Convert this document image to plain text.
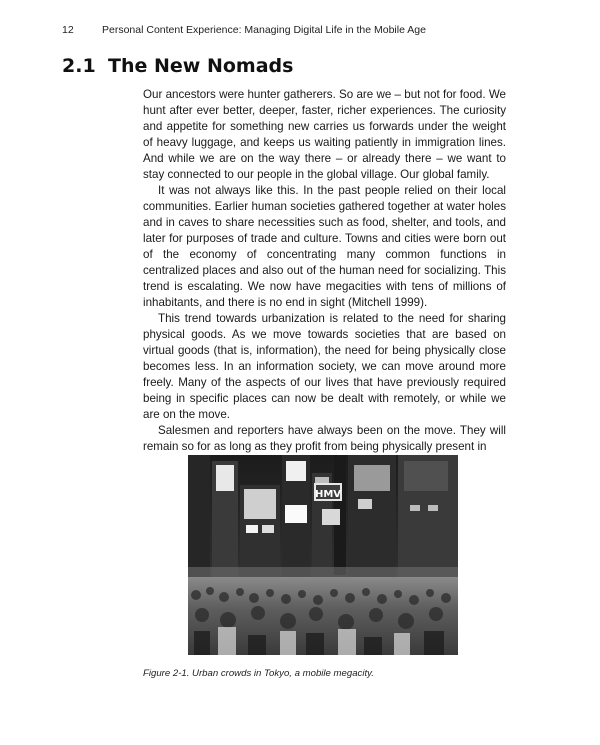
12	Personal Content Experience: Managing Digital Life in the Mobile Age
2.1 The New Nomads

Our ancestors were hunter gatherers. So are we – but not for food. We hunt after ever better, deeper, faster, richer experiences. The curiosity and appetite for something new carries us forwards under the weight of heavy luggage, and keeps us waiting patiently in immigration lines. And while we are on the way there – or already there – we want to stay connected to our people in the global village. Our global family.

It was not always like this. In the past people relied on their local communities. Earlier human societies gathered together at water holes and in caves to share necessities such as food, shelter, and tools, and later for purposes of trade and culture. Towns and cities were born out of the economy of concentrating many common functions in centralized places and also out of the human need for socializing. This trend is escalating. We now have megacities with tens of millions of inhabitants, and there is no end in sight (Mitchell 1999).

This trend towards urbanization is related to the need for sharing physical goods. As we move towards societies that are based on virtual goods (that is, information), the need for being physically close becomes less. In an information society, we can move around more freely. Many of the aspects of our lives that have previously required being in specific places can now be dealt with remotely, or while we are on the move.

Salesmen and reporters have always been on the move. They will remain so for as long as they profit from being physically present in

HMV
Figure 2-1. Urban crowds in Tokyo, a mobile megacity.
